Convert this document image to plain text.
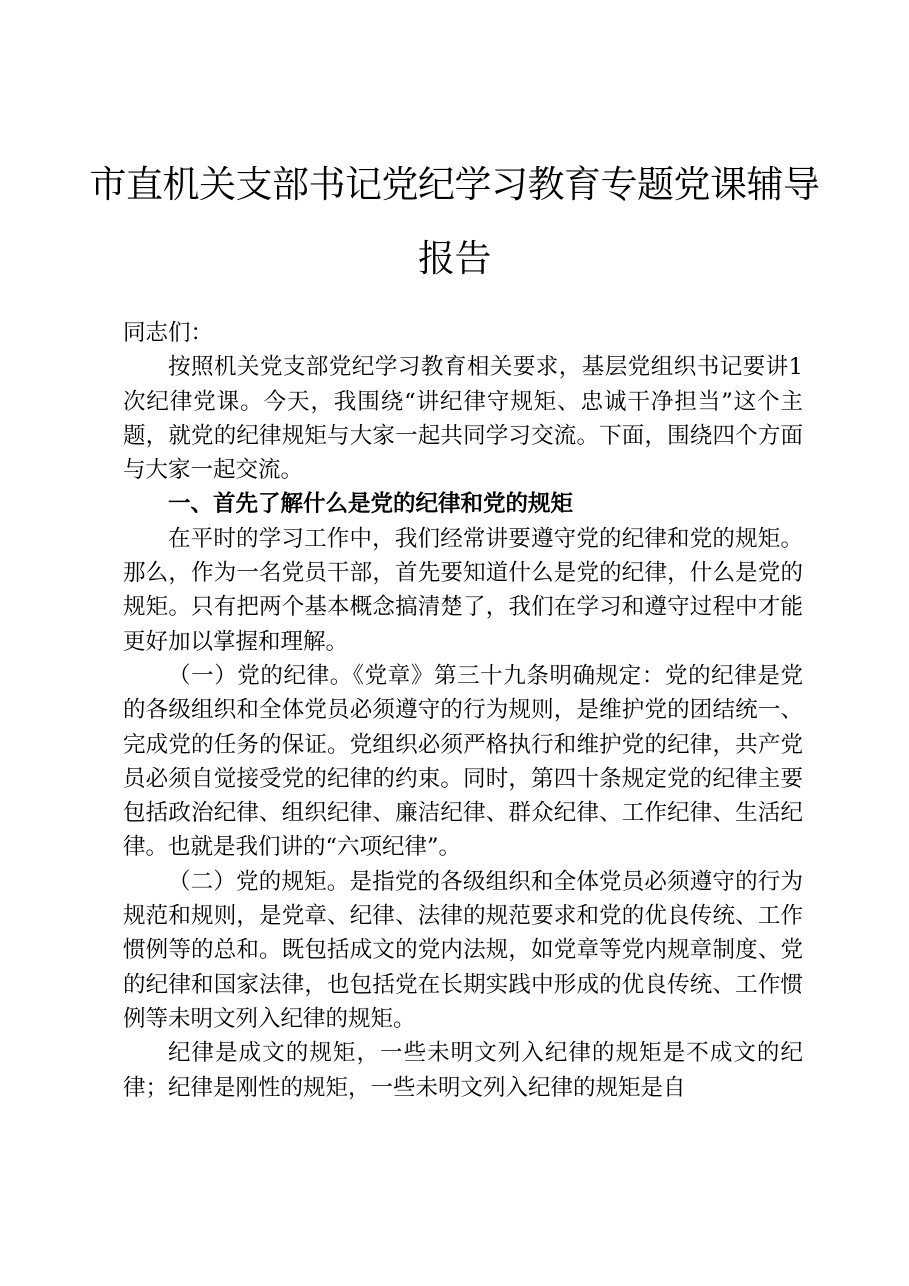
市直机关支部书记党纪学习教育专题党课辅导
报告

同志们：

按照机关党支部党纪学习教育相关要求，基层党组织书记要讲1次纪律党课。今天，我围绕“讲纪律守规矩、忠诚干净担当”这个主题，就党的纪律规矩与大家一起共同学习交流。下面，围绕四个方面与大家一起交流。

一、首先了解什么是党的纪律和党的规矩

在平时的学习工作中，我们经常讲要遵守党的纪律和党的规矩。那么，作为一名党员干部，首先要知道什么是党的纪律，什么是党的规矩。只有把两个基本概念搞清楚了，我们在学习和遵守过程中才能更好加以掌握和理解。

（一）党的纪律。《党章》第三十九条明确规定：党的纪律是党的各级组织和全体党员必须遵守的行为规则，是维护党的团结统一、完成党的任务的保证。党组织必须严格执行和维护党的纪律，共产党员必须自觉接受党的纪律的约束。同时，第四十条规定党的纪律主要包括政治纪律、组织纪律、廉洁纪律、群众纪律、工作纪律、生活纪律。也就是我们讲的“六项纪律”。

（二）党的规矩。是指党的各级组织和全体党员必须遵守的行为规范和规则，是党章、纪律、法律的规范要求和党的优良传统、工作惯例等的总和。既包括成文的党内法规，如党章等党内规章制度、党的纪律和国家法律，也包括党在长期实践中形成的优良传统、工作惯例等未明文列入纪律的规矩。

纪律是成文的规矩，一些未明文列入纪律的规矩是不成文的纪律；纪律是刚性的规矩，一些未明文列入纪律的规矩是自
